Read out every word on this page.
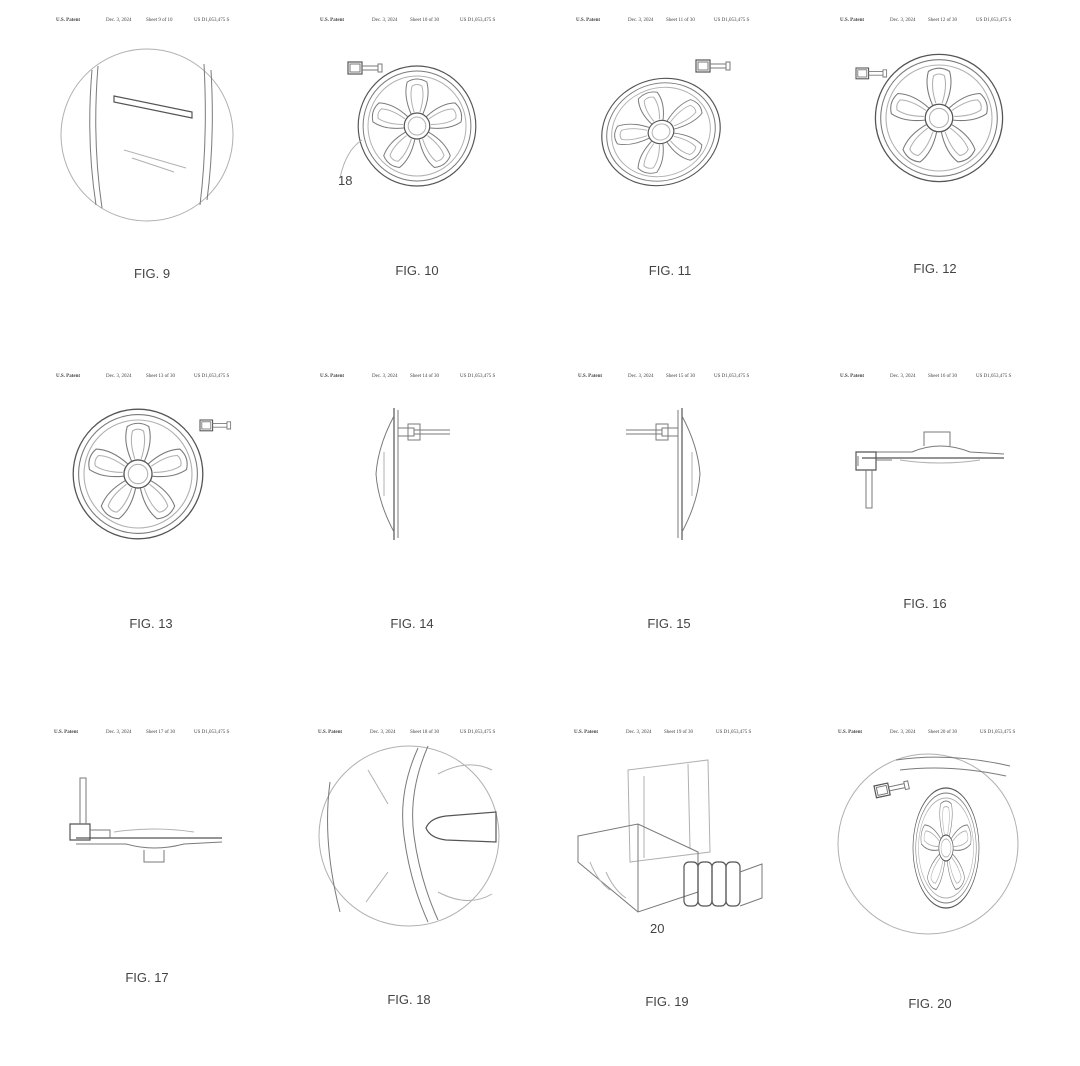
U.S. Patent	Dec. 3, 2024	Sheet 9 of 10	US D1,053,475 S
FIG. 9
U.S. Patent	Dec. 3, 2024 Sheet 10 of 30	US D1,053,475 S
18
FIG. 10
U.S. Patent	Dec. 3, 2024 Sheet 11 of 30	US D1,053,475 S
FIG. 11
U.S. Patent	Dec. 3, 2024 Sheet 12 of 30	US D1,053,475 S
FIG. 12
U.S. Patent	Dec. 3, 2024	Sheet 13 of 30	US D1,053,475 S
FIG. 13
U.S. Patent	Dec. 3, 2024 Sheet 14 of 30	US D1,053,475 S
FIG. 14
U.S. Patent	Dec. 3, 2024 Sheet 15 of 30	US D1,053,475 S
FIG. 15
U.S. Patent	Dec. 3, 2024 Sheet 16 of 30	US D1,053,475 S
FIG. 16
U.S. Patent	Dec. 3, 2024	Sheet 17 of 30	US D1,053,475 S
FIG. 17
U.S. Patent	Dec. 3, 2024	Sheet 18 of 30	US D1,053,475 S
FIG. 18
U.S. Patent	Dec. 3, 2024 Sheet 19 of 30	US D1,053,475 S
20
FIG. 19
U.S. Patent	Dec. 3, 2024 Sheet 20 of 30	US D1,053,475 S
FIG. 20
